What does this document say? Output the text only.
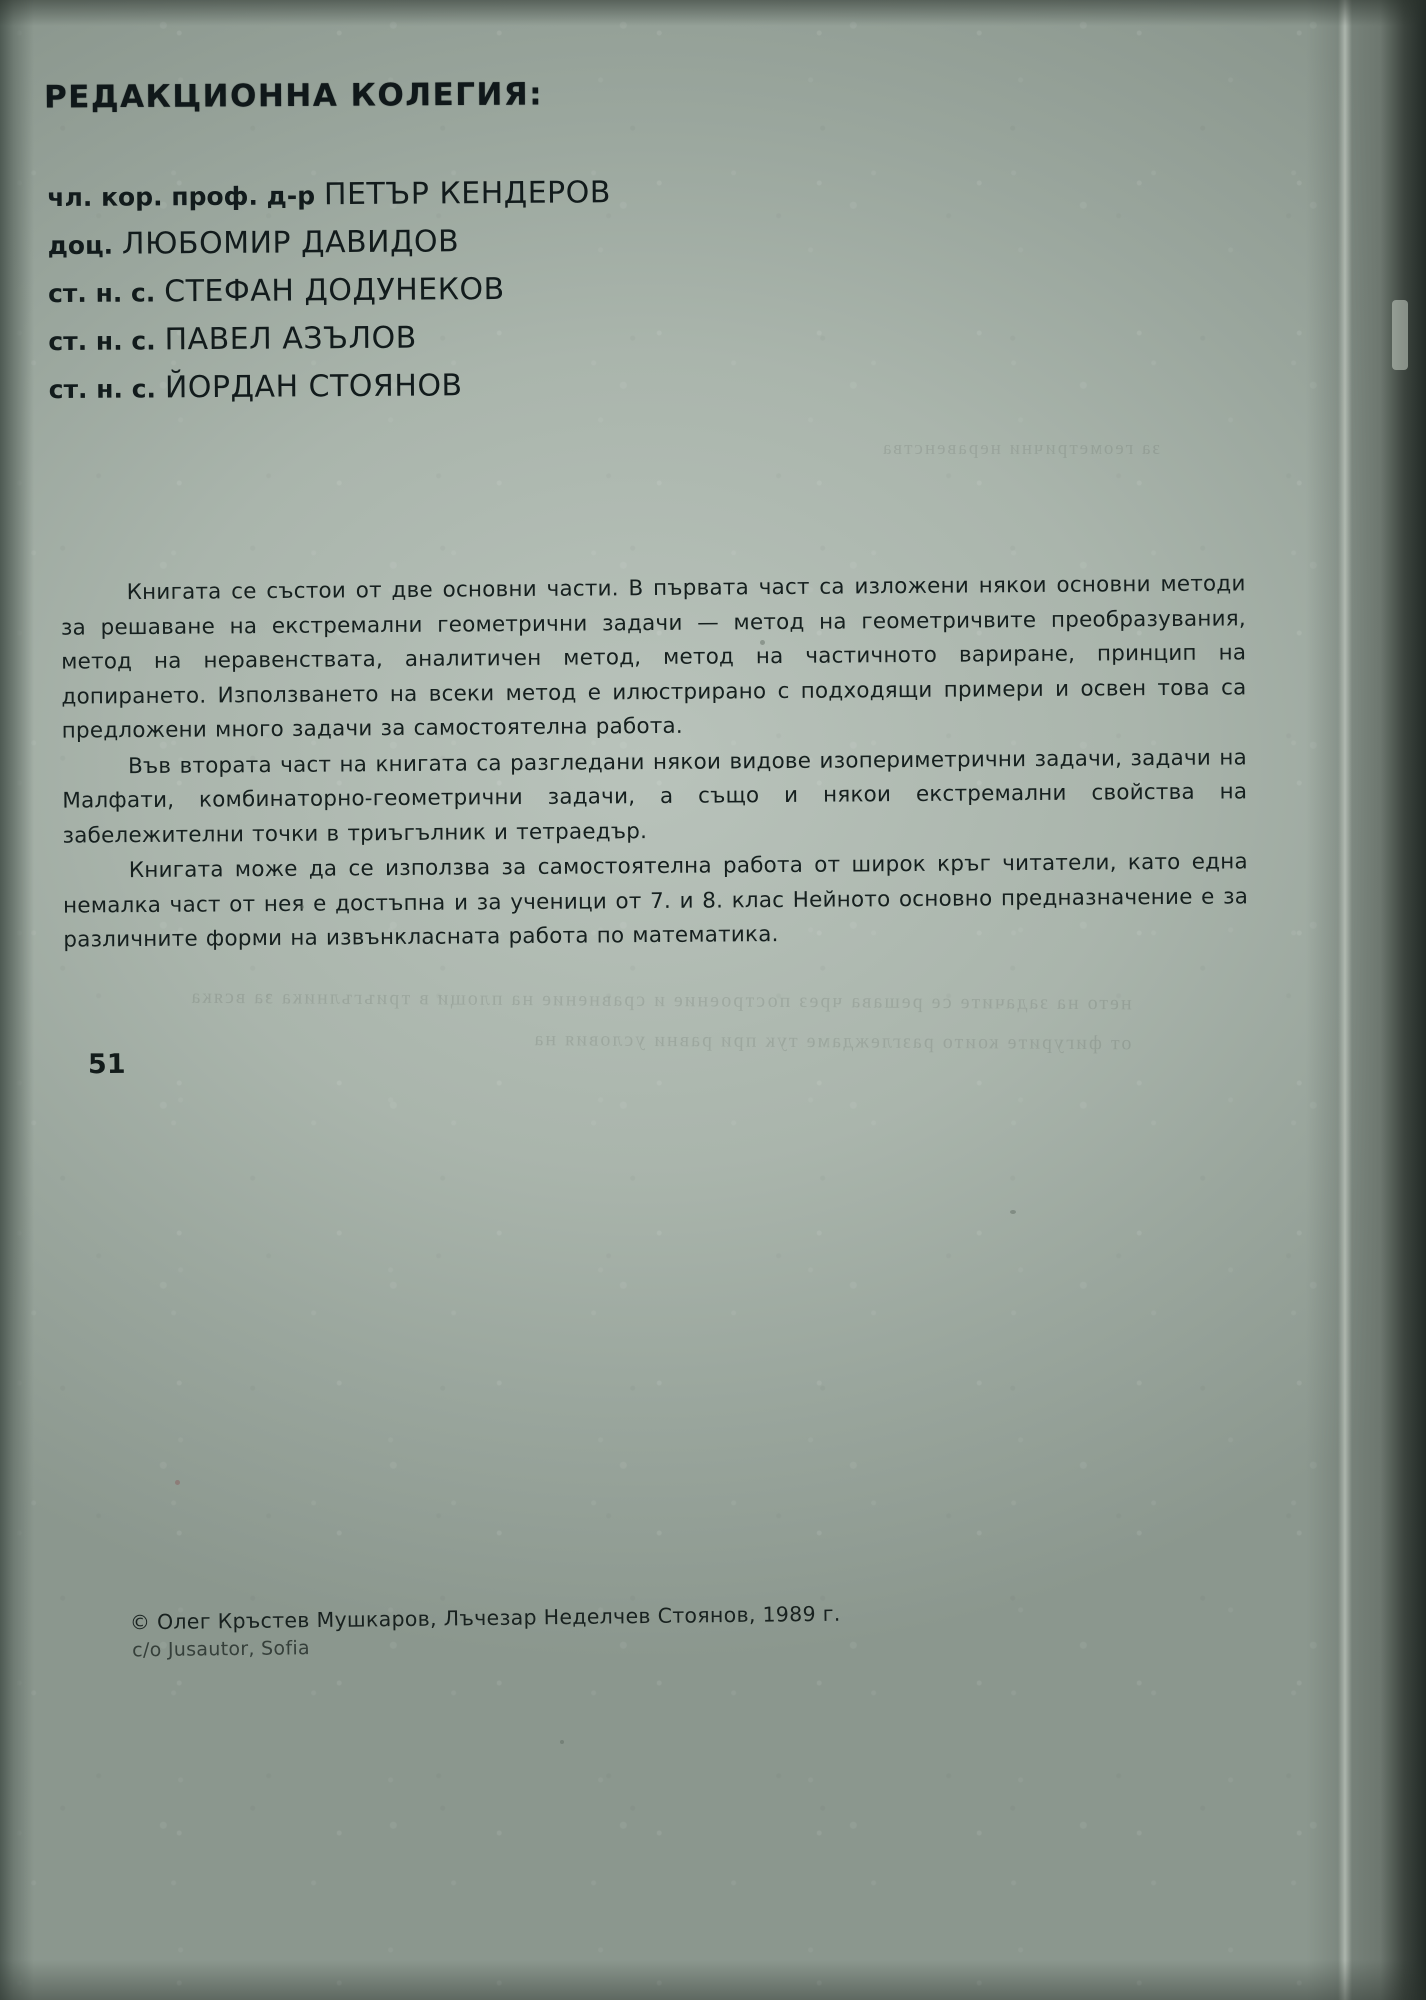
нето на задачите се решава чрез построение и сравнение на площи в триъгълника за всяка от фигурите които разглеждаме тук при равни условия на
за геометрични неравенства
РЕДАКЦИОННА КОЛЕГИЯ:
чл. кор. проф. д-р ПЕТЪР КЕНДЕРОВ
доц. ЛЮБОМИР ДАВИДОВ
ст. н. с. СТЕФАН ДОДУНЕКОВ
ст. н. с. ПАВЕЛ АЗЪЛОВ
ст. н. с. ЙОРДАН СТОЯНОВ

Книгата се състои от две основни части. В първата част са изложени някои основни методи за решаване на екстремални геометрични задачи — метод на геометричвите преобразувания, метод на неравенствата, аналитичен метод, метод на частичното вариране, принцип на допирането. Използването на всеки метод е илюстрирано с подходящи примери и освен това са предложени много задачи за самостоятелна работа.

Във втората част на книгата са разгледани някои видове изопериметрични задачи, задачи на Малфати, комбинаторно-геометрични задачи, а също и някои екстремални свойства на забележителни точки в триъгълник и тетраедър.

Книгата може да се използва за самостоятелна работа от широк кръг читатели, като една немалка част от нея е достъпна и за ученици от 7. и 8. клас Нейното основно предназначение е за различните форми на извънкласната работа по математика.

51
© Олег Кръстев Мушкаров, Лъчезар Неделчев Стоянов, 1989 г.
c/o Jusautor, Sofia
